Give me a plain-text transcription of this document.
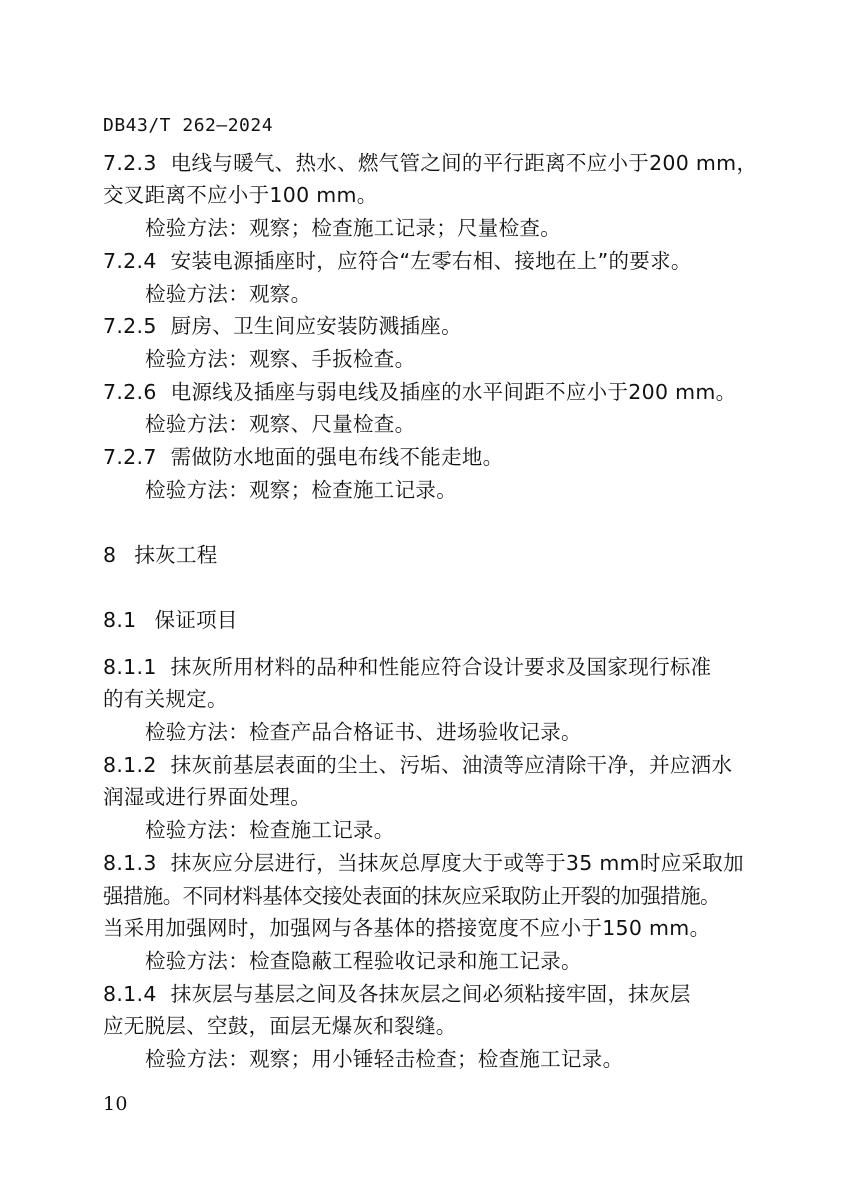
DB43/T 262—2024
7.2.3 电线与暖气、热水、燃气管之间的平行距离不应小于200 mm，
交叉距离不应小于100 mm。
检验方法：观察；检查施工记录；尺量检查。
7.2.4 安装电源插座时，应符合“左零右相、接地在上”的要求。
检验方法：观察。
7.2.5 厨房、卫生间应安装防溅插座。
检验方法：观察、手扳检查。
7.2.6 电源线及插座与弱电线及插座的水平间距不应小于200 mm。
检验方法：观察、尺量检查。
7.2.7 需做防水地面的强电布线不能走地。
检验方法：观察；检查施工记录。
8 抹灰工程
8.1 保证项目
8.1.1 抹灰所用材料的品种和性能应符合设计要求及国家现行标准
的有关规定。
检验方法：检查产品合格证书、进场验收记录。
8.1.2 抹灰前基层表面的尘土、污垢、油渍等应清除干净，并应洒水
润湿或进行界面处理。
检验方法：检查施工记录。
8.1.3 抹灰应分层进行，当抹灰总厚度大于或等于35 mm时应采取加
强措施。不同材料基体交接处表面的抹灰应采取防止开裂的加强措施。
当采用加强网时，加强网与各基体的搭接宽度不应小于150 mm。
检验方法：检查隐蔽工程验收记录和施工记录。
8.1.4 抹灰层与基层之间及各抹灰层之间必须粘接牢固，抹灰层
应无脱层、空鼓，面层无爆灰和裂缝。
检验方法：观察；用小锤轻击检查；检查施工记录。
10
